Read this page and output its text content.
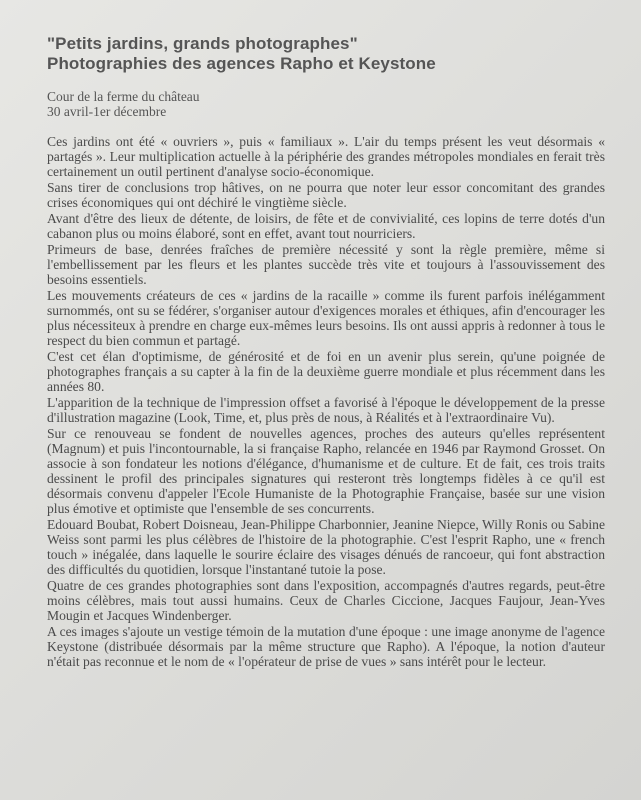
"Petits jardins, grands photographes"
Photographies des agences Rapho et Keystone
Cour de la ferme du château
30 avril-1er décembre

Ces jardins ont été « ouvriers », puis « familiaux ». L'air du temps présent les veut désormais « partagés ». Leur multiplication actuelle à la périphérie des grandes métropoles mondiales en ferait très certainement un outil pertinent d'analyse socio-économique.

Sans tirer de conclusions trop hâtives, on ne pourra que noter leur essor concomitant des grandes crises économiques qui ont déchiré le vingtième siècle.

Avant d'être des lieux de détente, de loisirs, de fête et de convivialité, ces lopins de terre dotés d'un cabanon plus ou moins élaboré, sont en effet, avant tout nourriciers.

Primeurs de base, denrées fraîches de première nécessité y sont la règle première, même si l'embellissement par les fleurs et les plantes succède très vite et toujours à l'assouvissement des besoins essentiels.

Les mouvements créateurs de ces « jardins de la racaille » comme ils furent parfois inélégamment surnommés, ont su se fédérer, s'organiser autour d'exigences morales et éthiques, afin d'encourager les plus nécessiteux à prendre en charge eux-mêmes leurs besoins. Ils ont aussi appris à redonner à tous le respect du bien commun et partagé.

C'est cet élan d'optimisme, de générosité et de foi en un avenir plus serein, qu'une poignée de photographes français a su capter à la fin de la deuxième guerre mondiale et plus récemment dans les années 80.

L'apparition de la technique de l'impression offset a favorisé à l'époque le développement de la presse d'illustration magazine (Look, Time, et, plus près de nous, à Réalités et à l'extraordinaire Vu).

Sur ce renouveau se fondent de nouvelles agences, proches des auteurs qu'elles représentent (Magnum) et puis l'incontournable, la si française Rapho, relancée en 1946 par Raymond Grosset. On associe à son fondateur les notions d'élégance, d'humanisme et de culture. Et de fait, ces trois traits dessinent le profil des principales signatures qui resteront très longtemps fidèles à ce qu'il est désormais convenu d'appeler l'Ecole Humaniste de la Photographie Française, basée sur une vision plus émotive et optimiste que l'ensemble de ses concurrents.

Edouard Boubat, Robert Doisneau, Jean-Philippe Charbonnier, Jeanine Niepce, Willy Ronis ou Sabine Weiss sont parmi les plus célèbres de l'histoire de la photographie. C'est l'esprit Rapho, une « french touch » inégalée, dans laquelle le sourire éclaire des visages dénués de rancoeur, qui font abstraction des difficultés du quotidien, lorsque l'instantané tutoie la pose.

Quatre de ces grandes photographies sont dans l'exposition, accompagnés d'autres regards, peut-être moins célèbres, mais tout aussi humains. Ceux de Charles Ciccione, Jacques Faujour, Jean-Yves Mougin et Jacques Windenberger.

A ces images s'ajoute un vestige témoin de la mutation d'une époque : une image anonyme de l'agence Keystone (distribuée désormais par la même structure que Rapho). A l'époque, la notion d'auteur n'était pas reconnue et le nom de « l'opérateur de prise de vues » sans intérêt pour le lecteur.
